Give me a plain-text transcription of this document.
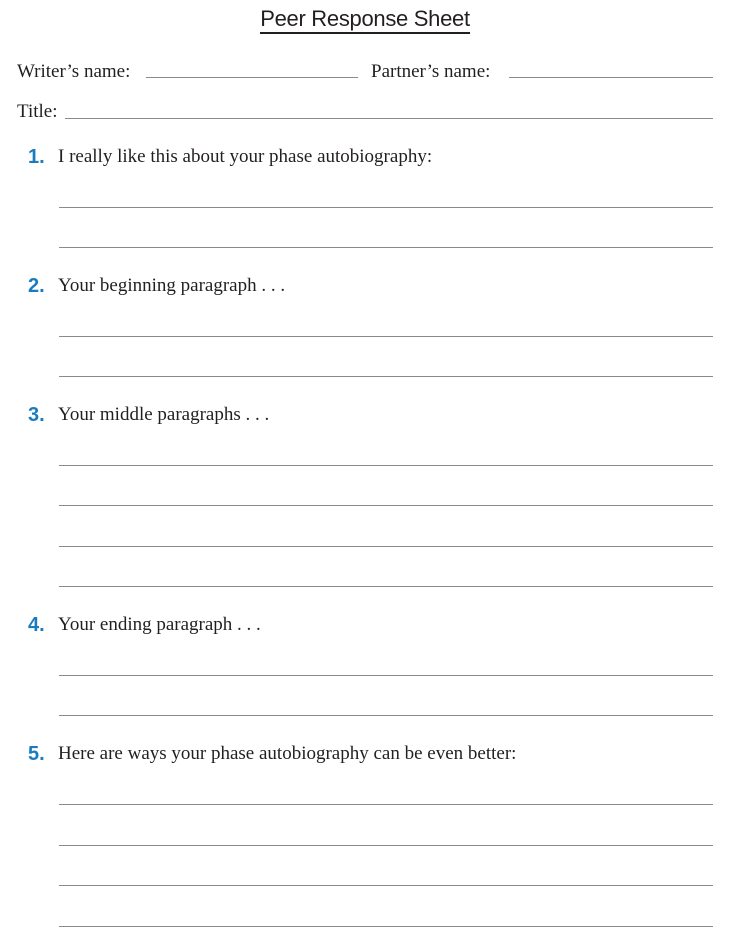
Peer Response Sheet
Writer’s name:	Partner’s name:
Title:
1. I really like this about your phase autobiography:
2. Your beginning paragraph . . .
3. Your middle paragraphs . . .
4. Your ending paragraph . . .
5. Here are ways your phase autobiography can be even better:
